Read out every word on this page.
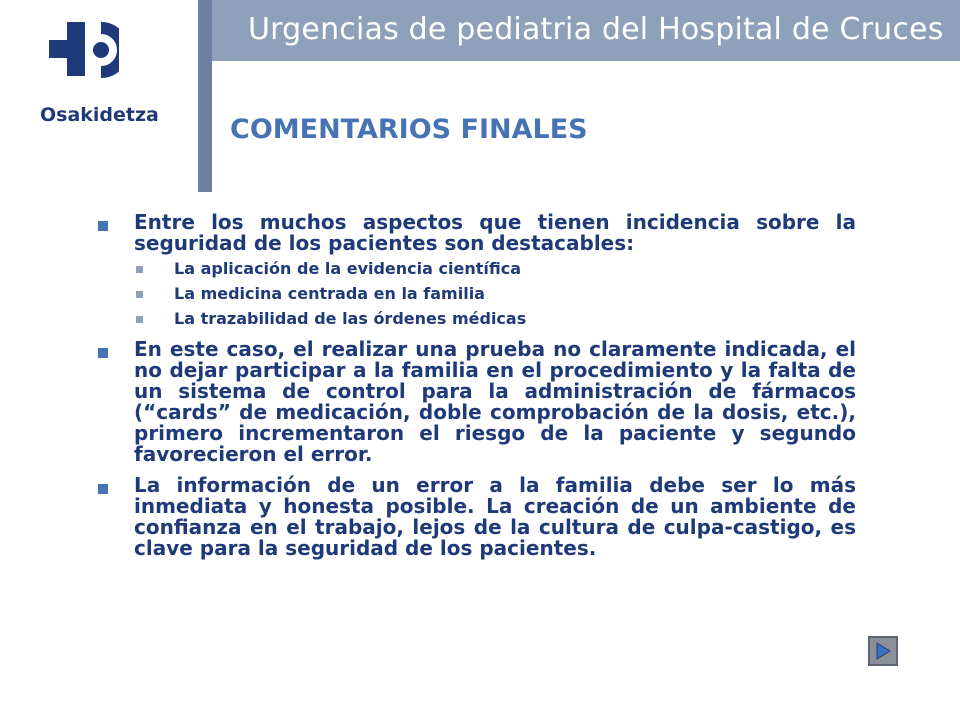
Urgencias de pediatria del Hospital de Cruces
Osakidetza	COMENTARIOS FINALES
Entre los muchos aspectos que tienen incidencia sobre la seguridad de los pacientes son destacables:
La aplicación de la evidencia científica
La medicina centrada en la familia
La trazabilidad de las órdenes médicas
En este caso, el realizar una prueba no claramente indicada, el no dejar participar a la familia en el procedimiento y la falta de un sistema de control para la administración de fármacos (“cards” de medicación, doble comprobación de la dosis, etc.), primero incrementaron el riesgo de la paciente y segundo favorecieron el error.
La información de un error a la familia debe ser lo más inmediata y honesta posible. La creación de un ambiente de confianza en el trabajo, lejos de la cultura de culpa-castigo, es clave para la seguridad de los pacientes.
